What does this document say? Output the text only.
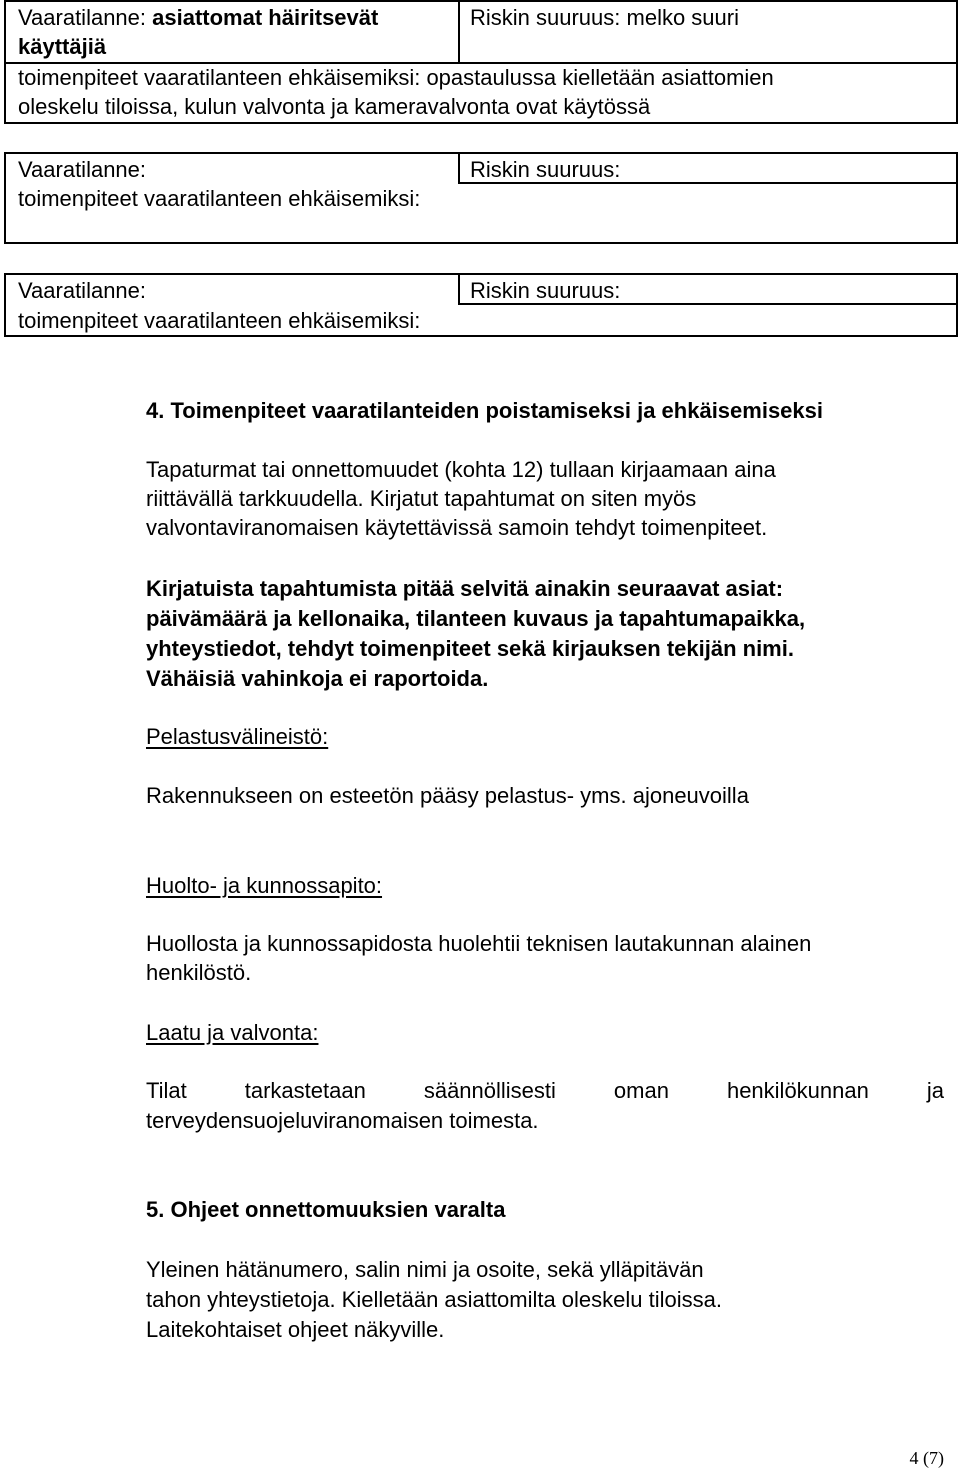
Vaaratilanne: asiattomat häiritsevät
käyttäjiä
Riskin suuruus: melko suuri
toimenpiteet vaaratilanteen ehkäisemiksi: opastaulussa kielletään asiattomien
oleskelu tiloissa, kulun valvonta ja kameravalvonta ovat käytössä
Vaaratilanne:	Riskin suuruus:
toimenpiteet vaaratilanteen ehkäisemiksi:
Vaaratilanne:	Riskin suuruus:
toimenpiteet vaaratilanteen ehkäisemiksi:
4. Toimenpiteet vaaratilanteiden poistamiseksi ja ehkäisemiseksi
Tapaturmat tai onnettomuudet (kohta 12) tullaan kirjaamaan aina
riittävällä tarkkuudella. Kirjatut tapahtumat on siten myös
valvontaviranomaisen käytettävissä samoin tehdyt toimenpiteet.
Kirjatuista tapahtumista pitää selvitä ainakin seuraavat asiat:
päivämäärä ja kellonaika, tilanteen kuvaus ja tapahtumapaikka,
yhteystiedot, tehdyt toimenpiteet sekä kirjauksen tekijän nimi.
Vähäisiä vahinkoja ei raportoida.
Pelastusvälineistö:
Rakennukseen on esteetön pääsy pelastus- yms. ajoneuvoilla
Huolto- ja kunnossapito:
Huollosta ja kunnossapidosta huolehtii teknisen lautakunnan alainen
henkilöstö.
Laatu ja valvonta:
Tilat tarkastetaan säännöllisesti oman henkilökunnan ja
terveydensuojeluviranomaisen toimesta.
5. Ohjeet onnettomuuksien varalta
Yleinen hätänumero, salin nimi ja osoite, sekä ylläpitävän
tahon yhteystietoja. Kielletään asiattomilta oleskelu tiloissa.
Laitekohtaiset ohjeet näkyville.
4 (7)
